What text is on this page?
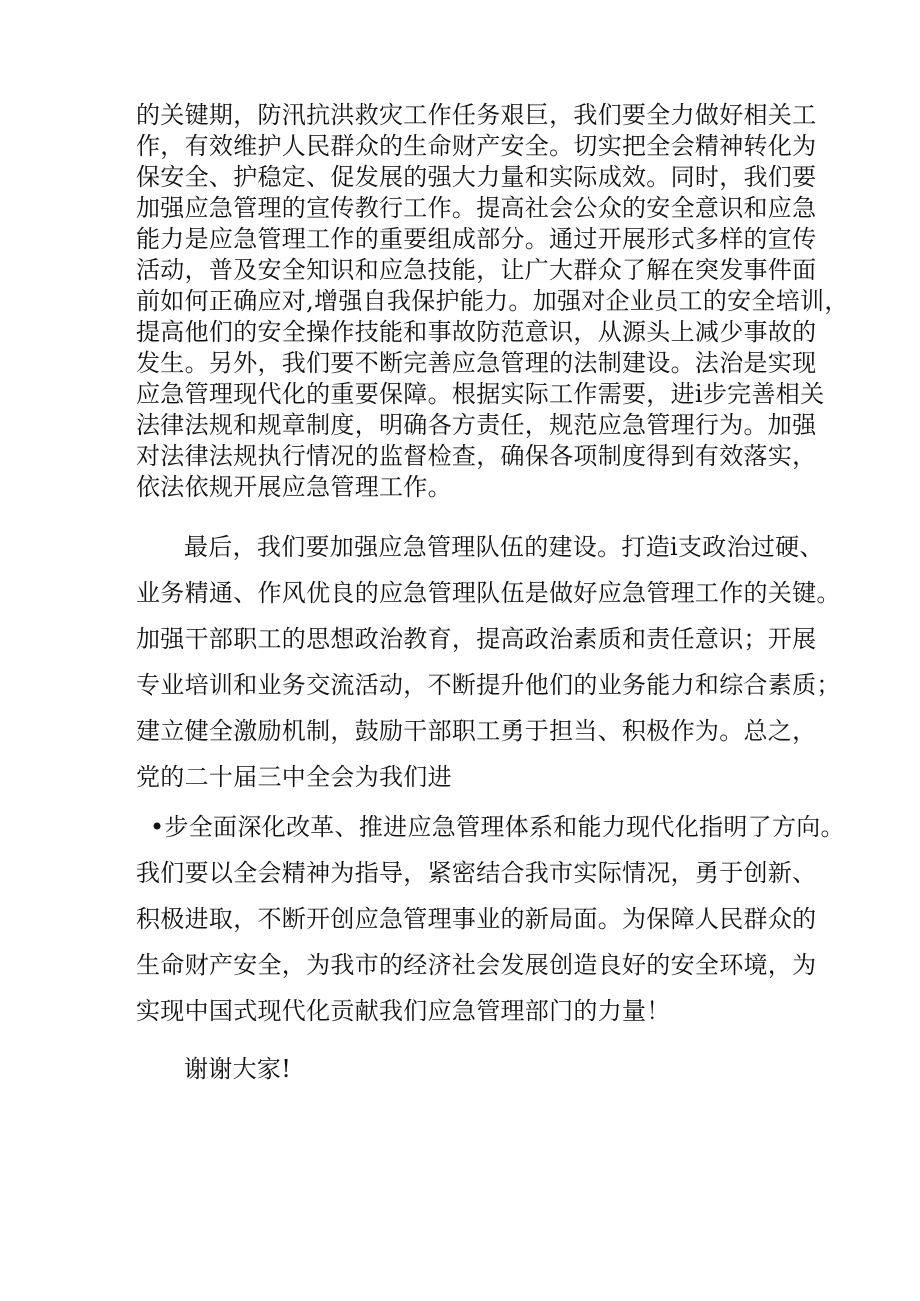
的关键期，防汛抗洪救灾工作任务艰巨，我们要全力做好相关工
作，有效维护人民群众的生命财产安全。切实把全会精神转化为
保安全、护稳定、促发展的强大力量和实际成效。同时，我们要
加强应急管理的宣传教行工作。提高社会公众的安全意识和应急
能力是应急管理工作的重要组成部分。通过开展形式多样的宣传
活动，普及安全知识和应急技能，让广大群众了解在突发事件面
前如何正确应对,增强自我保护能力。加强对企业员工的安全培训，
提高他们的安全操作技能和事故防范意识，从源头上减少事故的
发生。另外，我们要不断完善应急管理的法制建设。法治是实现
应急管理现代化的重要保障。根据实际工作需要，进i步完善相关
法律法规和规章制度，明确各方责任，规范应急管理行为。加强
对法律法规执行情况的监督检查，确保各项制度得到有效落实，
依法依规开展应急管理工作。
最后，我们要加强应急管理队伍的建设。打造i支政治过硬、
业务精通、作风优良的应急管理队伍是做好应急管理工作的关键。
加强干部职工的思想政治教育，提高政治素质和责任意识；开展
专业培训和业务交流活动，不断提升他们的业务能力和综合素质；
建立健全激励机制，鼓励干部职工勇于担当、积极作为。总之，
党的二十届三中全会为我们进
•步全面深化改革、推进应急管理体系和能力现代化指明了方向。
我们要以全会精神为指导，紧密结合我市实际情况，勇于创新、
积极进取，不断开创应急管理事业的新局面。为保障人民群众的
生命财产安全，为我市的经济社会发展创造良好的安全环境，为
实现中国式现代化贡献我们应急管理部门的力量！
谢谢大家!
